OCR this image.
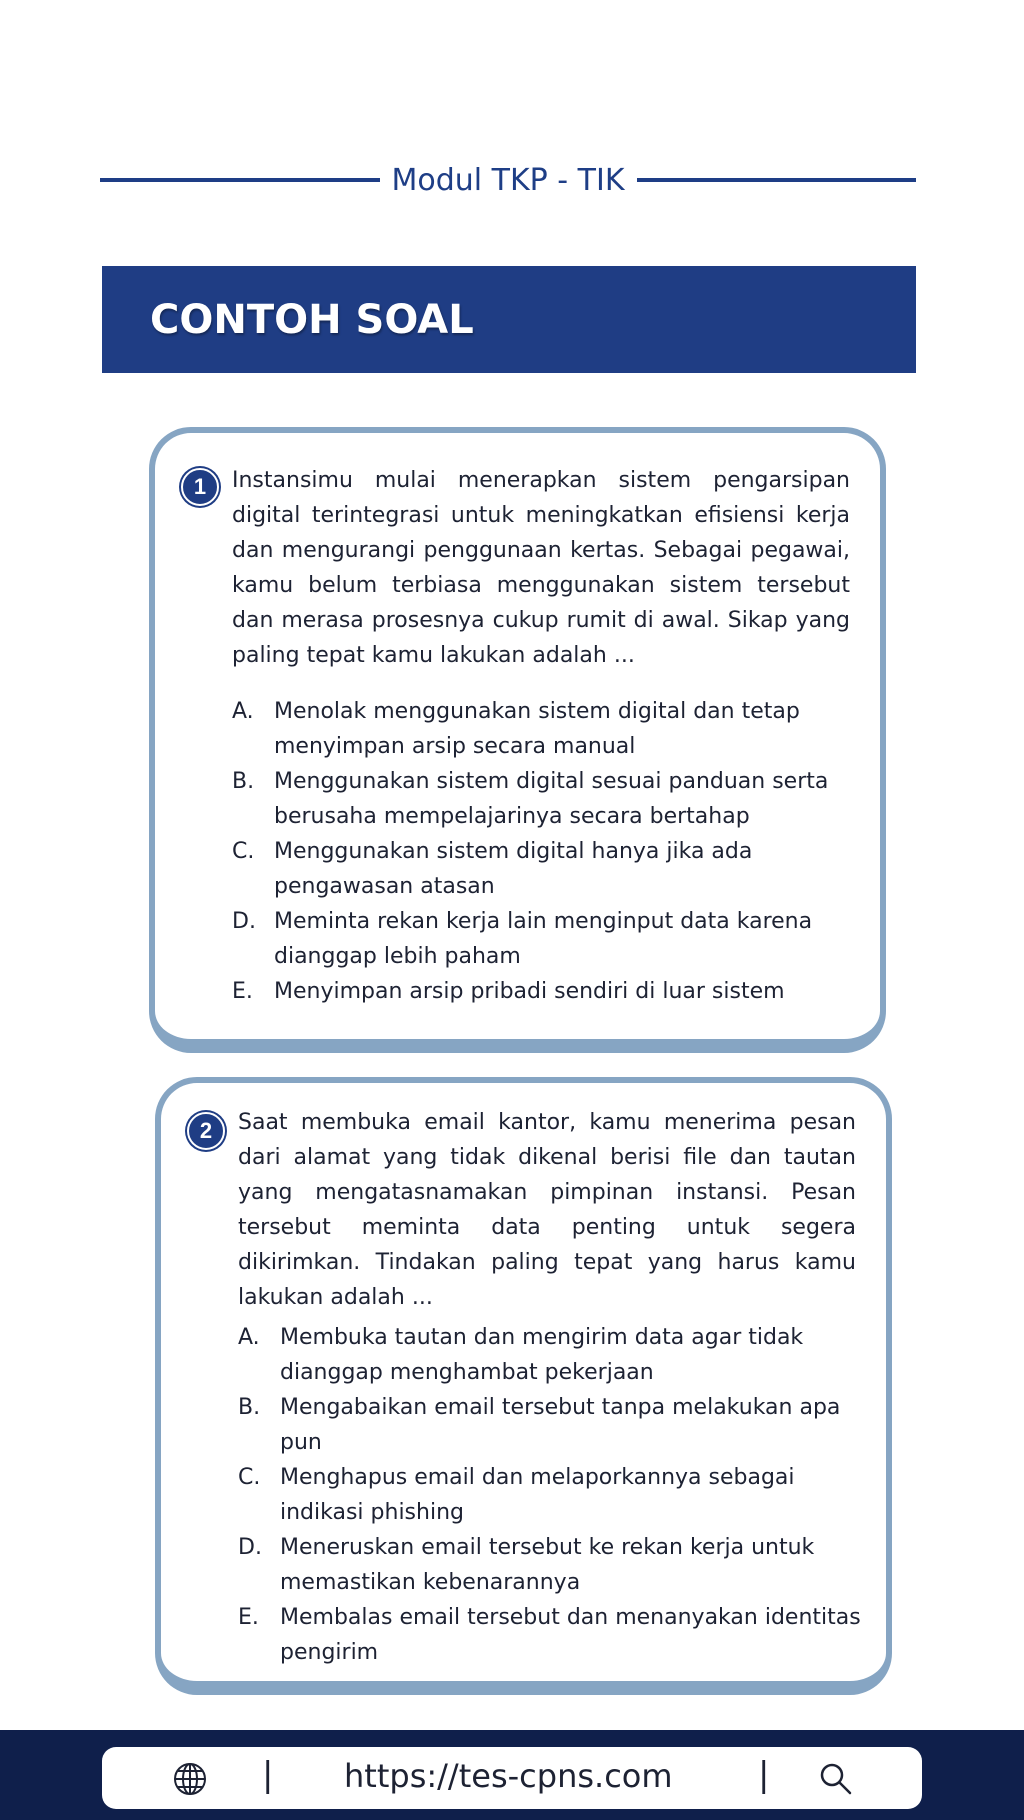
Modul TKP - TIK
CONTOH SOAL
1	Instansimu mulai menerapkan sistem pengarsipan digital terintegrasi untuk meningkatkan efisiensi kerja dan mengurangi penggunaan kertas. Sebagai pegawai, kamu belum terbiasa menggunakan sistem tersebut dan merasa prosesnya cukup rumit di awal. Sikap yang paling tepat kamu lakukan adalah ...

A. Menolak menggunakan sistem digital dan tetap menyimpan arsip secara manual
B. Menggunakan sistem digital sesuai panduan serta berusaha mempelajarinya secara bertahap
C. Menggunakan sistem digital hanya jika ada pengawasan atasan
D. Meminta rekan kerja lain menginput data karena dianggap lebih paham
E. Menyimpan arsip pribadi sendiri di luar sistem
2	Saat membuka email kantor, kamu menerima pesan dari alamat yang tidak dikenal berisi file dan tautan yang mengatasnamakan pimpinan instansi. Pesan tersebut meminta data penting untuk segera dikirimkan. Tindakan paling tepat yang harus kamu lakukan adalah ...

A. Membuka tautan dan mengirim data agar tidak dianggap menghambat pekerjaan
B. Mengabaikan email tersebut tanpa melakukan apa pun
C. Menghapus email dan melaporkannya sebagai indikasi phishing
D. Meneruskan email tersebut ke rekan kerja untuk memastikan kebenarannya
E. Membalas email tersebut dan menanyakan identitas pengirim
| https://tes-cpns.com	|
